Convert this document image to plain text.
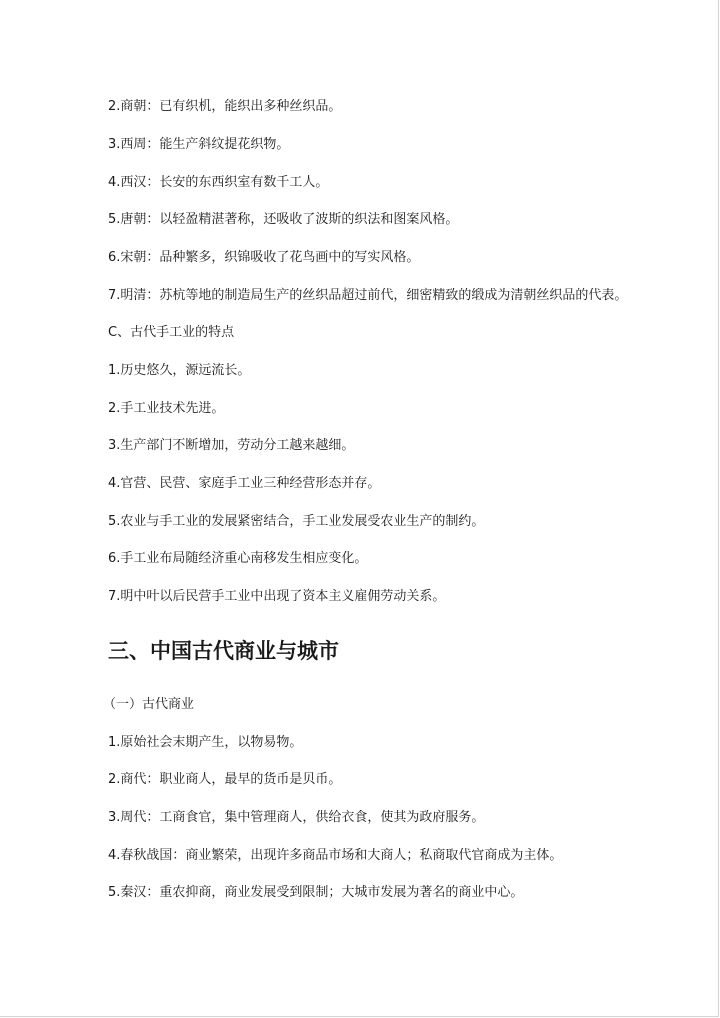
2.商朝：已有织机，能织出多种丝织品。

3.西周：能生产斜纹提花织物。

4.西汉：长安的东西织室有数千工人。

5.唐朝：以轻盈精湛著称，还吸收了波斯的织法和图案风格。

6.宋朝：品种繁多，织锦吸收了花鸟画中的写实风格。

7.明清：苏杭等地的制造局生产的丝织品超过前代，细密精致的缎成为清朝丝织品的代表。

C、古代手工业的特点

1.历史悠久，源远流长。

2.手工业技术先进。

3.生产部门不断增加，劳动分工越来越细。

4.官营、民营、家庭手工业三种经营形态并存。

5.农业与手工业的发展紧密结合，手工业发展受农业生产的制约。

6.手工业布局随经济重心南移发生相应变化。

7.明中叶以后民营手工业中出现了资本主义雇佣劳动关系。

三、中国古代商业与城市

（一）古代商业

1.原始社会末期产生，以物易物。

2.商代：职业商人，最早的货币是贝币。

3.周代：工商食官，集中管理商人，供给衣食，使其为政府服务。

4.春秋战国：商业繁荣，出现许多商品市场和大商人；私商取代官商成为主体。

5.秦汉：重农抑商，商业发展受到限制；大城市发展为著名的商业中心。
